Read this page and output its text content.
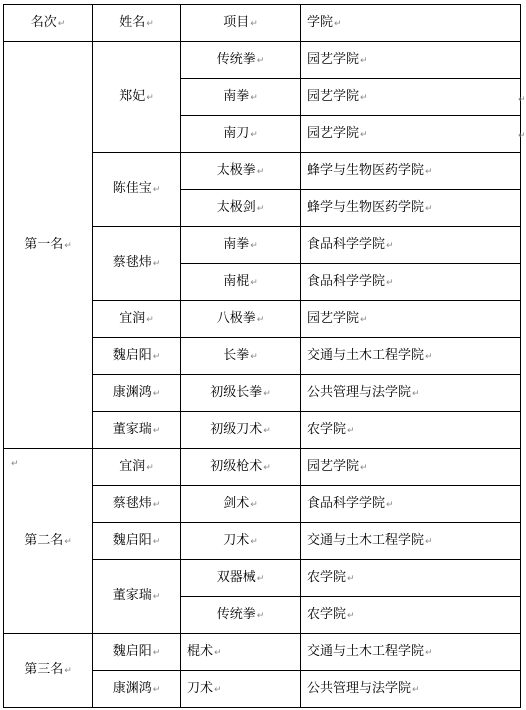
名次↵	姓名↵	项目↵	学院↵
第一名↵	郑妃↵	传统拳↵	园艺学院↵
		南拳↵	园艺学院↵
		南刀↵	园艺学院↵
	陈佳宝↵	太极拳↵	蜂学与生物医药学院↵
		太极剑↵	蜂学与生物医药学院↵
	蔡毬炜↵	南拳↵	食品科学学院↵
		南棍↵	食品科学学院↵
	宜润↵	八极拳↵	园艺学院↵
	魏启阳↵	长拳↵	交通与土木工程学院↵
	康渊鸿↵	初级长拳↵	公共管理与法学院↵
	董家瑞↵	初级刀术↵	农学院↵
第二名↵	宜润↵	初级枪术↵	园艺学院↵
	蔡毬炜↵	剑术↵	食品科学学院↵
	魏启阳↵	刀术↵	交通与土木工程学院↵
	董家瑞↵	双器械↵	农学院↵
		传统拳↵	农学院↵
第三名↵	魏启阳↵	棍术↵	交通与土木工程学院↵
	康渊鸿↵	刀术↵	公共管理与法学院↵
↵
↵
↵
